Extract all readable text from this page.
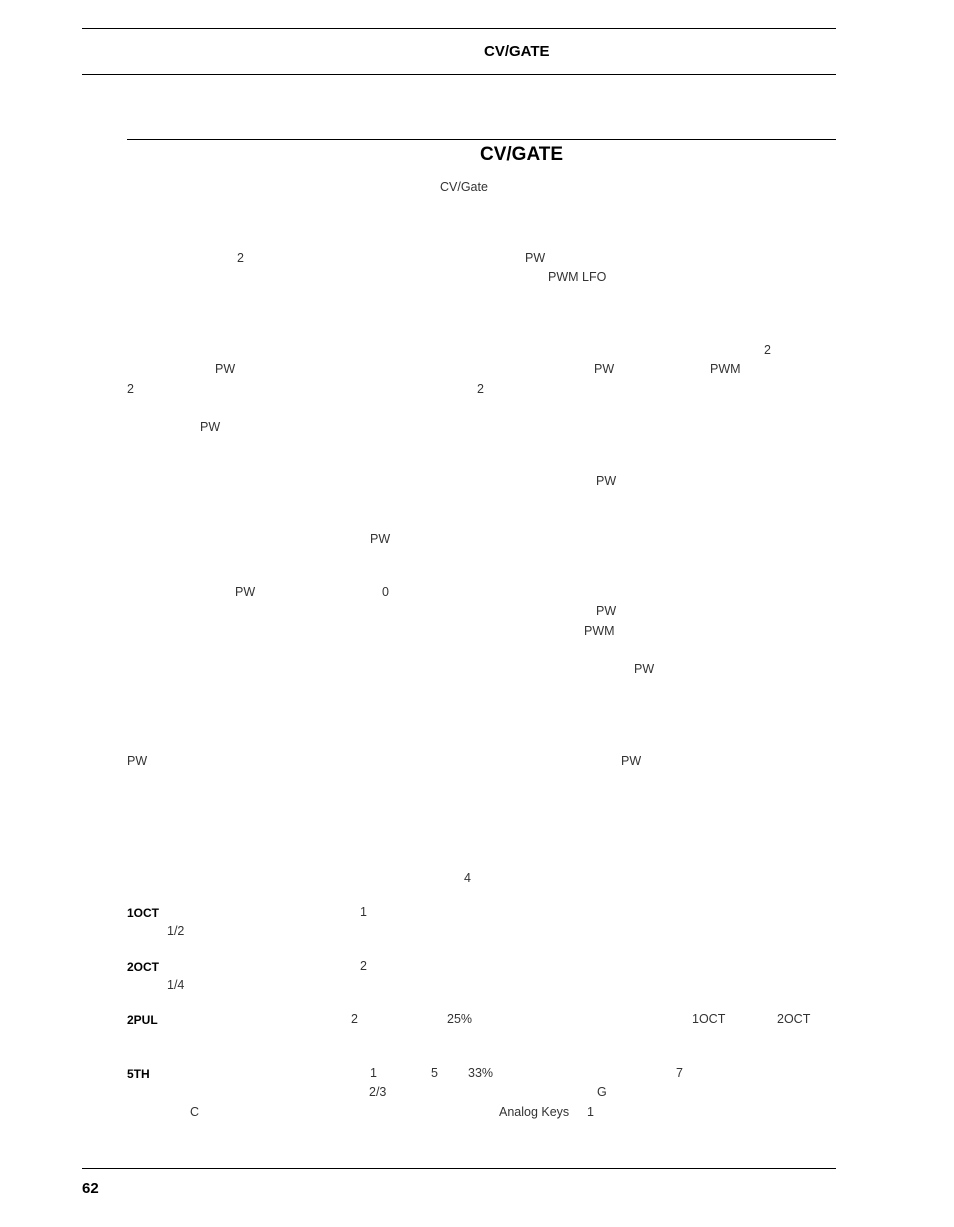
CV/GATE
CV/GATE
CV/Gate
2	PW
PWM LFO
2
PW	PW	PWM
2	2
PW
PW
PW
PW	0
PW
PWM
PW
PW	PW
4
1OCT	1
1/2
2OCT	2
1/4
2PUL	2	25%	1OCT	2OCT
5TH	1	5 33%	7
2/3	G
C	Analog Keys 1
62
